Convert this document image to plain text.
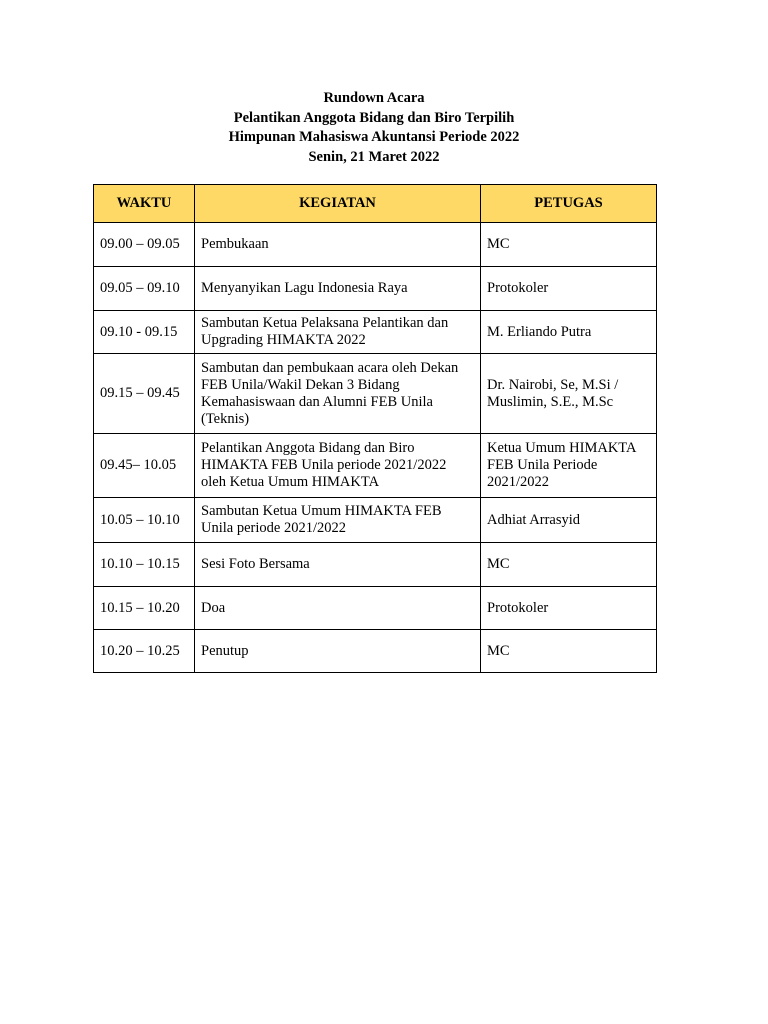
Rundown Acara
Pelantikan Anggota Bidang dan Biro Terpilih
Himpunan Mahasiswa Akuntansi Periode 2022
Senin, 21 Maret 2022
WAKTU	KEGIATAN	PETUGAS
09.00 – 09.05	Pembukaan	MC
09.05 – 09.10	Menyanyikan Lagu Indonesia Raya	Protokoler
09.10 - 09.15	Sambutan Ketua Pelaksana Pelantikan dan Upgrading HIMAKTA 2022	M. Erliando Putra
09.15 – 09.45	Sambutan dan pembukaan acara oleh Dekan FEB Unila/Wakil Dekan 3 Bidang Kemahasiswaan dan Alumni FEB Unila (Teknis)	Dr. Nairobi, Se, M.Si / Muslimin, S.E., M.Sc
09.45– 10.05	Pelantikan Anggota Bidang dan Biro HIMAKTA FEB Unila periode 2021/2022 oleh Ketua Umum HIMAKTA	Ketua Umum HIMAKTA FEB Unila Periode 2021/2022
10.05 – 10.10	Sambutan Ketua Umum HIMAKTA FEB Unila periode 2021/2022	Adhiat Arrasyid
10.10 – 10.15	Sesi Foto Bersama	MC
10.15 – 10.20	Doa	Protokoler
10.20 – 10.25	Penutup	MC
